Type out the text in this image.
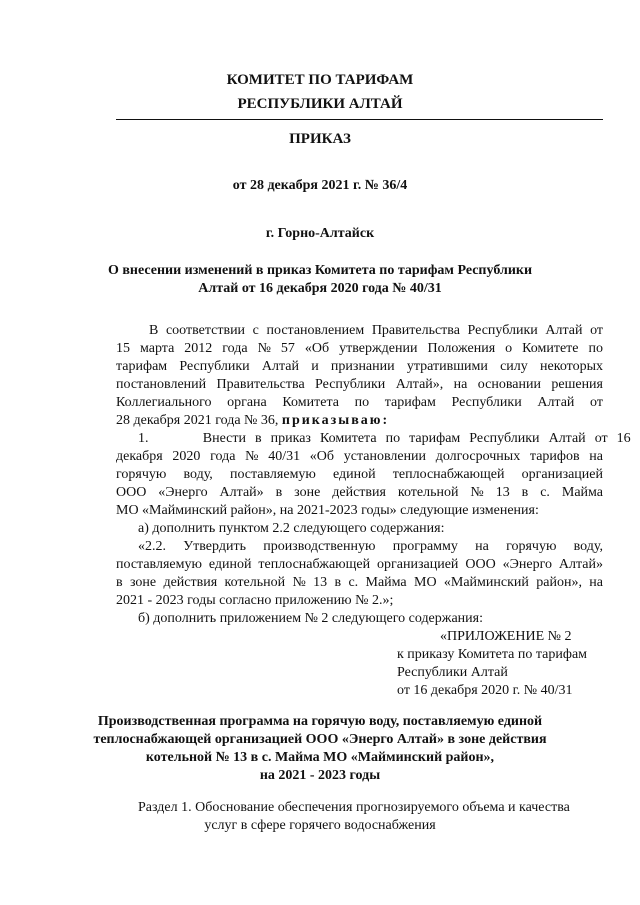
КОМИТЕТ ПО ТАРИФАМ
РЕСПУБЛИКИ АЛТАЙ
ПРИКАЗ
от 28 декабря 2021 г. № 36/4
г. Горно-Алтайск
О внесении изменений в приказ Комитета по тарифам Республики
Алтай от 16 декабря 2020 года № 40/31
В соответствии с постановлением Правительства Республики Алтай от
15 марта 2012 года № 57 «Об утверждении Положения о Комитете по
тарифам Республики Алтай и признании утратившими силу некоторых
постановлений Правительства Республики Алтай», на основании решения
Коллегиального органа Комитета по тарифам Республики Алтай от
28 декабря 2021 года № 36, приказываю:
1.      Внести в приказ Комитета по тарифам Республики Алтай от 16
декабря 2020 года № 40/31 «Об установлении долгосрочных тарифов на
горячую воду, поставляемую единой теплоснабжающей организацией
ООО «Энерго Алтай» в зоне действия котельной № 13 в с. Майма
МО «Майминский район», на 2021-2023 годы» следующие изменения:
а) дополнить пунктом 2.2 следующего содержания:
«2.2. Утвердить производственную программу на горячую воду,
поставляемую единой теплоснабжающей организацией ООО «Энерго Алтай»
в зоне действия котельной № 13 в с. Майма МО «Майминский район», на
2021 - 2023 годы согласно приложению № 2.»;
б) дополнить приложением № 2 следующего содержания:
«ПРИЛОЖЕНИЕ № 2
к приказу Комитета по тарифам
Республики Алтай
от 16 декабря 2020 г. № 40/31
Производственная программа на горячую воду, поставляемую единой
теплоснабжающей организацией ООО «Энерго Алтай» в зоне действия
котельной № 13 в с. Майма МО «Майминский район»,
на 2021 - 2023 годы
Раздел 1. Обоснование обеспечения прогнозируемого объема и качества
услуг в сфере горячего водоснабжения
